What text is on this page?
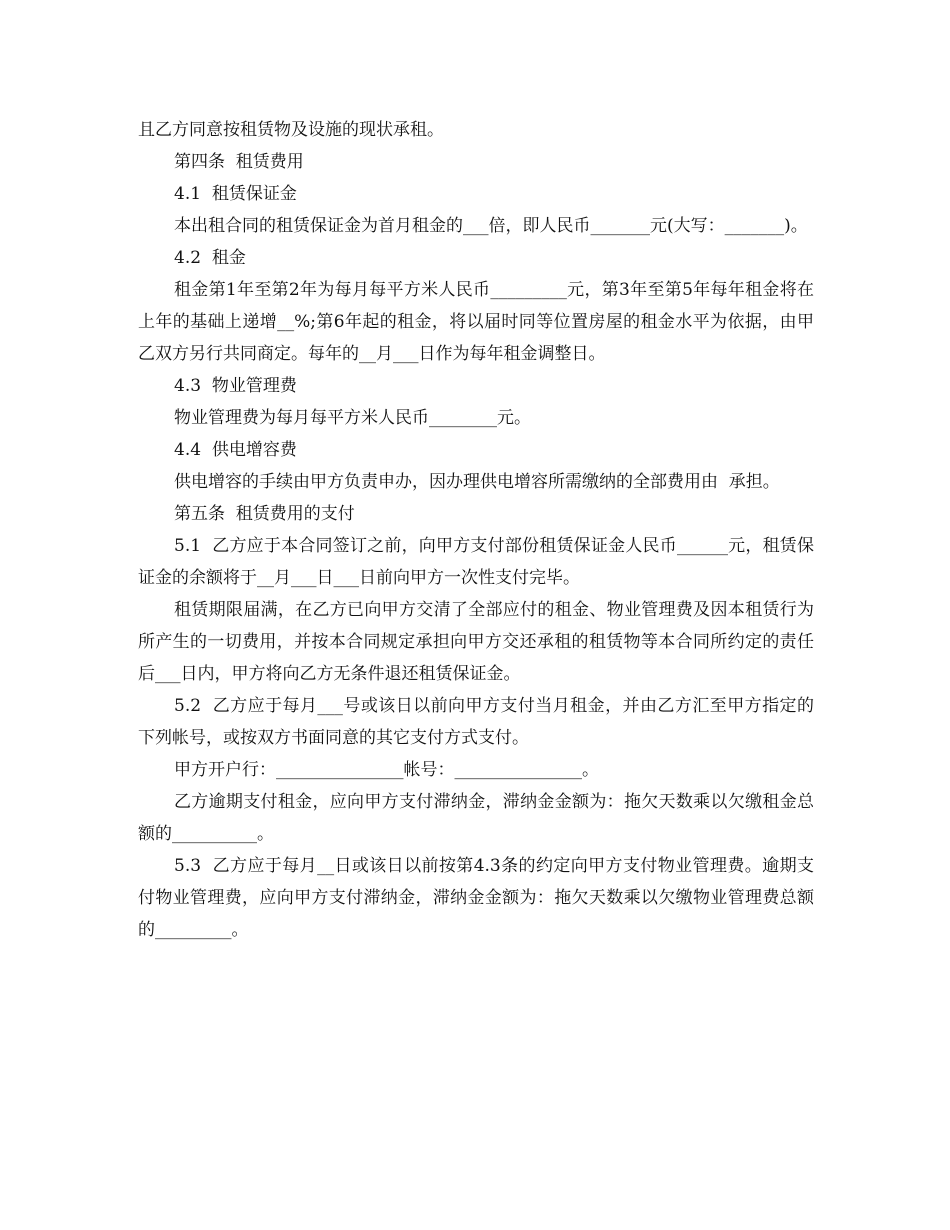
且乙方同意按租赁物及设施的现状承租。

第四条  租赁费用

4.1  租赁保证金

本出租合同的租赁保证金为首月租金的___倍，即人民币_______元(大写：_______)。

4.2  租金

租金第1年至第2年为每月每平方米人民币_________元，第3年至第5年每年租金将在上年的基础上递增__%;第6年起的租金，将以届时同等位置房屋的租金水平为依据，由甲乙双方另行共同商定。每年的__月___日作为每年租金调整日。

4.3  物业管理费

物业管理费为每月每平方米人民币________元。

4.4  供电增容费

供电增容的手续由甲方负责申办，因办理供电增容所需缴纳的全部费用由  承担。

第五条  租赁费用的支付

5.1  乙方应于本合同签订之前，向甲方支付部份租赁保证金人民币______元，租赁保证金的余额将于__月___日___日前向甲方一次性支付完毕。

租赁期限届满，在乙方已向甲方交清了全部应付的租金、物业管理费及因本租赁行为所产生的一切费用，并按本合同规定承担向甲方交还承租的租赁物等本合同所约定的责任后___日内，甲方将向乙方无条件退还租赁保证金。

5.2  乙方应于每月___号或该日以前向甲方支付当月租金，并由乙方汇至甲方指定的下列帐号，或按双方书面同意的其它支付方式支付。

甲方开户行：_______________帐号：_______________。

乙方逾期支付租金，应向甲方支付滞纳金，滞纳金金额为：拖欠天数乘以欠缴租金总额的__________。

5.3  乙方应于每月__日或该日以前按第4.3条的约定向甲方支付物业管理费。逾期支付物业管理费，应向甲方支付滞纳金，滞纳金金额为：拖欠天数乘以欠缴物业管理费总额的_________。
